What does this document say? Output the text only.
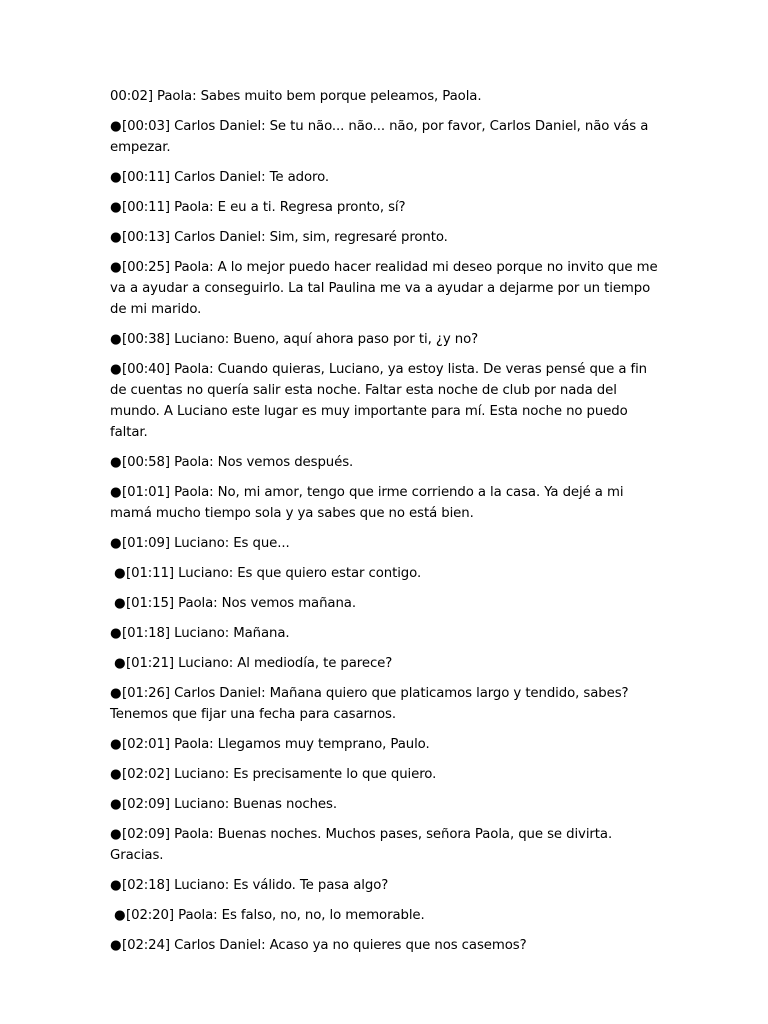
00:02] Paola: Sabes muito bem porque peleamos, Paola.

●[00:03] Carlos Daniel: Se tu não... não... não, por favor, Carlos Daniel, não vás a empezar.

●[00:11] Carlos Daniel: Te adoro.

●[00:11] Paola: E eu a ti. Regresa pronto, sí?

●[00:13] Carlos Daniel: Sim, sim, regresaré pronto.

●[00:25] Paola: A lo mejor puedo hacer realidad mi deseo porque no invito que me va a ayudar a conseguirlo. La tal Paulina me va a ayudar a dejarme por un tiempo de mi marido.

●[00:38] Luciano: Bueno, aquí ahora paso por ti, ¿y no?

●[00:40] Paola: Cuando quieras, Luciano, ya estoy lista. De veras pensé que a fin de cuentas no quería salir esta noche. Faltar esta noche de club por nada del mundo. A Luciano este lugar es muy importante para mí. Esta noche no puedo faltar.

●[00:58] Paola: Nos vemos después.

●[01:01] Paola: No, mi amor, tengo que irme corriendo a la casa. Ya dejé a mi mamá mucho tiempo sola y ya sabes que no está bien.

●[01:09] Luciano: Es que...

●[01:11] Luciano: Es que quiero estar contigo.

●[01:15] Paola: Nos vemos mañana.

●[01:18] Luciano: Mañana.

●[01:21] Luciano: Al mediodía, te parece?

●[01:26] Carlos Daniel: Mañana quiero que platicamos largo y tendido, sabes? Tenemos que fijar una fecha para casarnos.

●[02:01] Paola: Llegamos muy temprano, Paulo.

●[02:02] Luciano: Es precisamente lo que quiero.

●[02:09] Luciano: Buenas noches.

●[02:09] Paola: Buenas noches. Muchos pases, señora Paola, que se divirta. Gracias.

●[02:18] Luciano: Es válido. Te pasa algo?

●[02:20] Paola: Es falso, no, no, lo memorable.

●[02:24] Carlos Daniel: Acaso ya no quieres que nos casemos?
